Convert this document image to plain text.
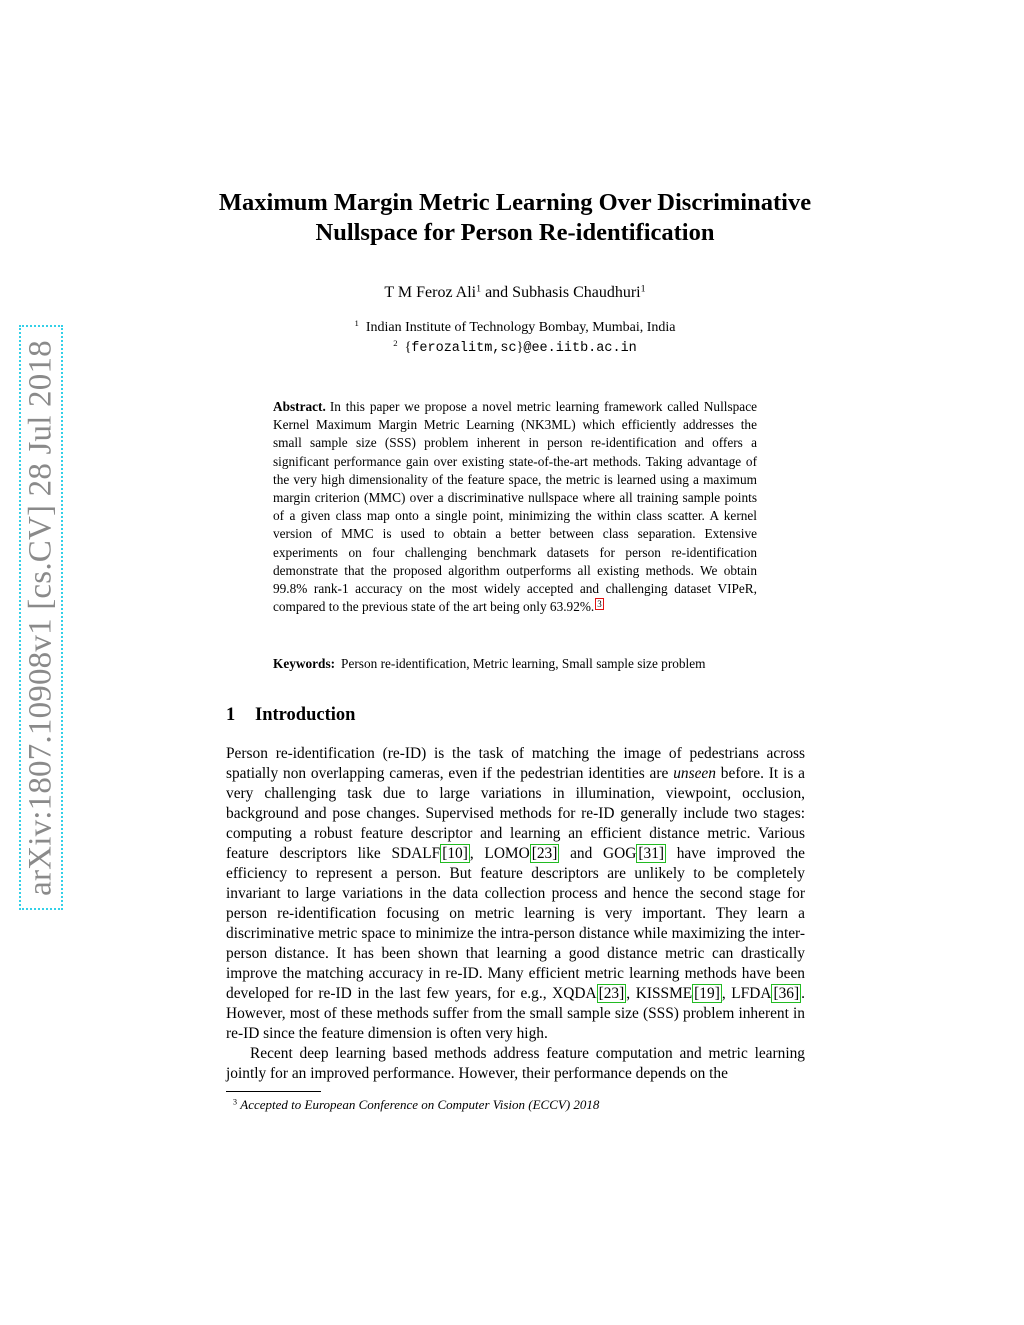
arXiv:1807.10908v1 [cs.CV] 28 Jul 2018
Maximum Margin Metric Learning Over Discriminative
Nullspace for Person Re-identification
T M Feroz Ali$^1$ and Subhasis Chaudhuri$^1$
$^1$ Indian Institute of Technology Bombay, Mumbai, India
$^2$ {ferozalitm,sc}@ee.iitb.ac.in
Abstract. In this paper we propose a novel metric learning framework called Nullspace Kernel Maximum Margin Metric Learning (NK3ML) which efficiently addresses the small sample size (SSS) problem inherent in person re-identification and offers a significant performance gain over existing state-of-the-art methods. Taking advantage of the very high dimensionality of the feature space, the metric is learned using a maximum margin criterion (MMC) over a discriminative nullspace where all training sample points of a given class map onto a single point, minimizing the within class scatter. A kernel version of MMC is used to obtain a better between class separation. Extensive experiments on four challenging benchmark datasets for person re-identification demonstrate that the proposed algorithm outperforms all existing methods. We obtain 99.8% rank-1 accuracy on the most widely accepted and challenging dataset VIPeR, compared to the previous state of the art being only 63.92%. 3
Keywords: Person re-identification, Metric learning, Small sample size problem
1 Introduction

Person re-identification (re-ID) is the task of matching the image of pedestrians across spatially non overlapping cameras, even if the pedestrian identities are unseen before. It is a very challenging task due to large variations in illumination, viewpoint, occlusion, background and pose changes. Supervised methods for re-ID generally include two stages: computing a robust feature descriptor and learning an efficient distance metric. Various feature descriptors like SDALF [10] , LOMO [23] and GOG [31] have improved the efficiency to represent a person. But feature descriptors are unlikely to be completely invariant to large variations in the data collection process and hence the second stage for person re-identification focusing on metric learning is very important. They learn a discriminative metric space to minimize the intra-person distance while maximizing the inter-person distance. It has been shown that learning a good distance metric can drastically improve the matching accuracy in re-ID. Many efficient metric learning methods have been developed for re-ID in the last few years, for e.g., XQDA [23] , KISSME [19] , LFDA [36] . However, most of these methods suffer from the small sample size (SSS) problem inherent in re-ID since the feature dimension is often very high.

Recent deep learning based methods address feature computation and metric learning jointly for an improved performance. However, their performance depends on the

$^3$ Accepted to European Conference on Computer Vision (ECCV) 2018
